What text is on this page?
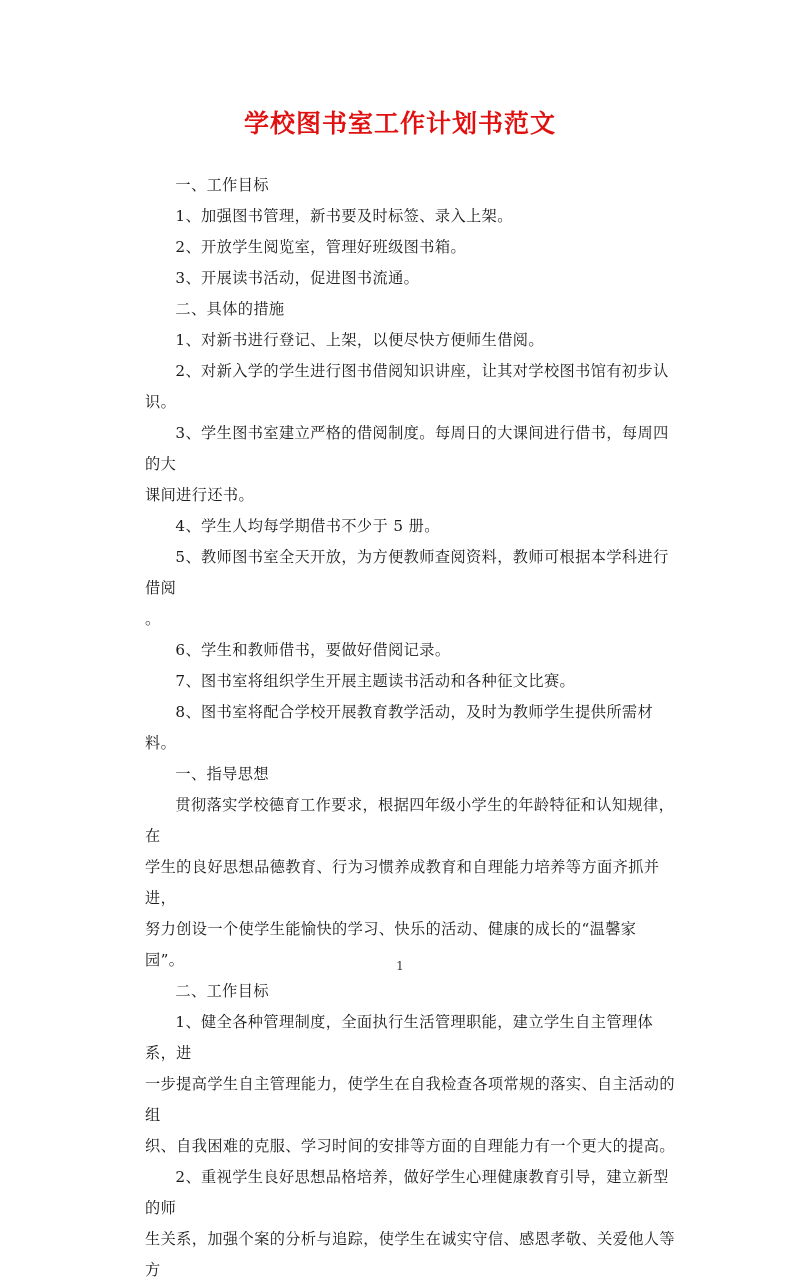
学校图书室工作计划书范文

一、工作目标

1、加强图书管理，新书要及时标签、录入上架。

2、开放学生阅览室，管理好班级图书箱。

3、开展读书活动，促进图书流通。

二、具体的措施

1、对新书进行登记、上架，以便尽快方便师生借阅。

2、对新入学的学生进行图书借阅知识讲座，让其对学校图书馆有初步认识。

3、学生图书室建立严格的借阅制度。每周日的大课间进行借书，每周四的大

课间进行还书。

4、学生人均每学期借书不少于 5 册。

5、教师图书室全天开放，为方便教师查阅资料，教师可根据本学科进行借阅

。

6、学生和教师借书，要做好借阅记录。

7、图书室将组织学生开展主题读书活动和各种征文比赛。

8、图书室将配合学校开展教育教学活动，及时为教师学生提供所需材料。

一、指导思想

贯彻落实学校德育工作要求，根据四年级小学生的年龄特征和认知规律，在

学生的良好思想品德教育、行为习惯养成教育和自理能力培养等方面齐抓并进，

努力创设一个使学生能愉快的学习、快乐的活动、健康的成长的“温馨家园”。

二、工作目标

1、健全各种管理制度，全面执行生活管理职能，建立学生自主管理体系，进

一步提高学生自主管理能力，使学生在自我检查各项常规的落实、自主活动的组

织、自我困难的克服、学习时间的安排等方面的自理能力有一个更大的提高。

2、重视学生良好思想品格培养，做好学生心理健康教育引导，建立新型的师

生关系，加强个案的分析与追踪，使学生在诚实守信、感恩孝敬、关爱他人等方

1
